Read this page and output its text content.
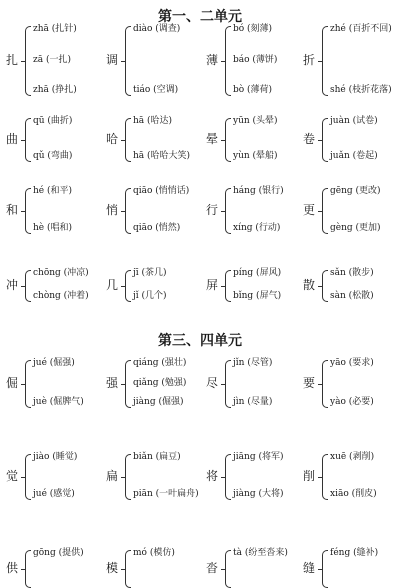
第一、二单元
第三、四单元
扎
zhā (扎针)
zā (一扎)
zhā (挣扎)
调
diào (调查)
tiáo (空调)
薄
bó (刻薄)
báo (薄饼)
bò (薄荷)
折
zhé (百折不回)
shé (枝折花落)
曲
qū (曲折)
qǔ (弯曲)
哈
hā (哈达)
hā (哈哈大笑)
晕
yūn (头晕)
yùn (晕船)
卷
juàn (试卷)
juǎn (卷起)
和
hé (和平)
hè (唱和)
悄
qiāo (悄悄话)
qiāo (悄然)
行
háng (银行)
xíng (行动)
更
gēng (更改)
gèng (更加)
冲
chōng (冲凉)
chòng (冲着)
几
jī (茶几)
jǐ (几个)
屏
píng (屏风)
bǐng (屏气)
散
sǎn (散步)
sàn (松散)
倔
jué (倔强)
juè (倔脾气)
强
qiáng (强壮)
qiǎng (勉强)
jiàng (倔强)
尽
jǐn (尽管)
jìn (尽量)
要
yāo (要求)
yào (必要)
觉
jiào (睡觉)
jué (感觉)
扁
biǎn (扁豆)
piān (一叶扁舟)
将
jiāng (将军)
jiàng (大将)
削
xuē (剥削)
xiāo (削皮)
供
gōng (提供)
模
mó (模仿)
沓
tà (纷至沓来)
缝
féng (缝补)
